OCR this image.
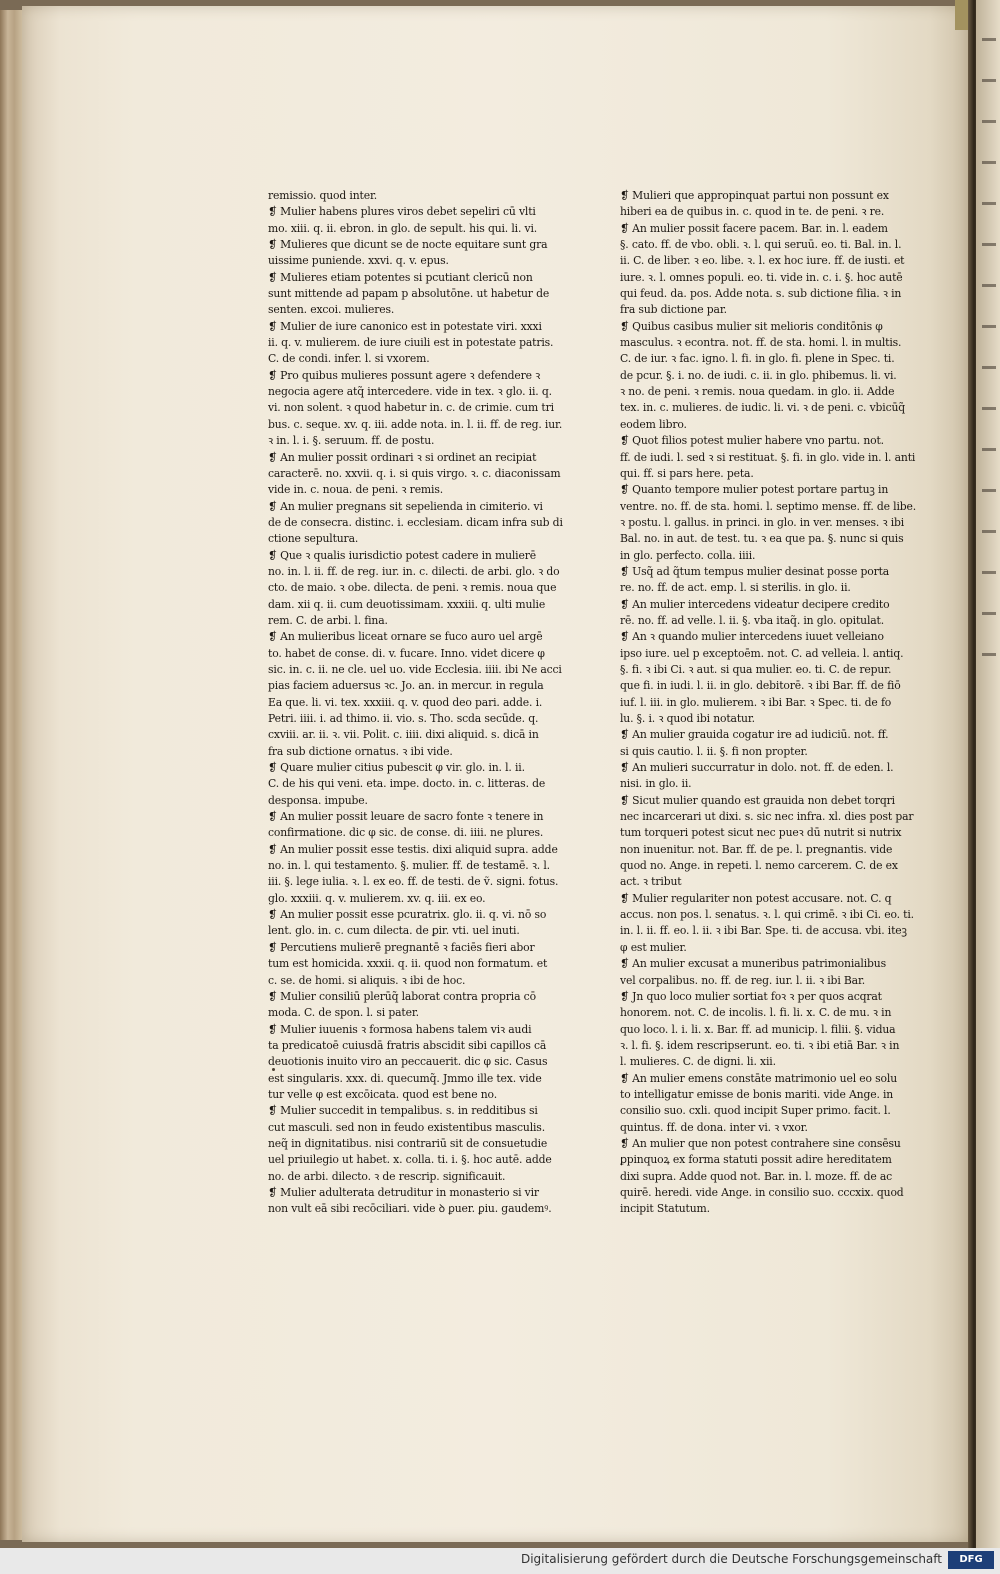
remissio. quod inter.
❡ Mulier habens plures viros debet sepeliri cū vlti
mo. xiii. q. ii. ebron. in glo. de sepult. his qui. li. vi.
❡ Mulieres que dicunt se de nocte equitare sunt gra
uissime puniende. xxvi. q. v. epus.
❡ Mulieres etiam potentes si pcutiant clericū non
sunt mittende ad papam p absolutōne. ut habetur de
senten. excoi. mulieres.
❡ Mulier de iure canonico est in potestate viri. xxxi
ii. q. v. mulierem. de iure ciuili est in potestate patris.
C. de condi. infer. l. si vxorem.
❡ Pro quibus mulieres possunt agere ꝛ defendere ꝛ
negocia agere atq̃ intercedere. vide in tex. ꝛ glo. ii. q.
vi. non solent. ꝛ quod habetur in. c. de crimie. cum tri
bus. c. seque. xv. q. iii. adde nota. in. l. ii. ff. de reg. iur.
ꝛ in. l. i. §. seruum. ff. de postu.
❡ An mulier possit ordinari ꝛ si ordinet an recipiat
caracterē. no. xxvii. q. i. si quis virgo. ꝛ. c. diaconissam
vide in. c. noua. de peni. ꝛ remis.
❡ An mulier pregnans sit sepelienda in cimiterio. vi
de de consecra. distinc. i. ecclesiam. dicam infra sub di
ctione sepultura.
❡ Que ꝛ qualis iurisdictio potest cadere in mulierē
no. in. l. ii. ff. de reg. iur. in. c. dilecti. de arbi. glo. ꝛ do
cto. de maio. ꝛ obe. dilecta. de peni. ꝛ remis. noua que
dam. xii q. ii. cum deuotissimam. xxxiii. q. ulti mulie
rem. C. de arbi. l. fina.
❡ An mulieribus liceat ornare se fuco auro uel argē
to. habet de conse. di. v. fucare. Inno. videt dicere φ
sic. in. c. ii. ne cle. uel uo. vide Ecclesia. iiii. ibi Ne acci
pias faciem aduersus ꝛc. Jo. an. in mercur. in regula
Ea que. li. vi. tex. xxxiii. q. v. quod deo pari. adde. i.
Petri. iiii. i. ad thimo. ii. vio. s. Tho. scda secūde. q.
cxviii. ar. ii. ꝛ. vii. Polit. c. iiii. dixi aliquid. s. dicā in
fra sub dictione ornatus. ꝛ ibi vide.
❡ Quare mulier citius pubescit φ vir. glo. in. l. ii.
C. de his qui veni. eta. impe. docto. in. c. litteras. de
desponsa. impube.
❡ An mulier possit leuare de sacro fonte ꝛ tenere in
confirmatione. dic φ sic. de conse. di. iiii. ne plures.
❡ An mulier possit esse testis. dixi aliquid supra. adde
no. in. l. qui testamento. §. mulier. ff. de testamē. ꝛ. l.
iii. §. lege iulia. ꝛ. l. ex eo. ff. de testi. de ṽ. signi. fotus.
glo. xxxiii. q. v. mulierem. xv. q. iii. ex eo.
❡ An mulier possit esse pcuratrix. glo. ii. q. vi. nō so
lent. glo. in. c. cum dilecta. de ꝑir. vti. uel inuti.
❡ Percutiens mulierē pregnantē ꝛ faciēs fieri abor
tum est homicida. xxxii. q. ii. quod non formatum. et
c. se. de homi. si aliquis. ꝛ ibi de hoc.
❡ Mulier consiliū plerūq̃ laborat contra propria cō
moda. C. de spon. l. si pater.
❡ Mulier iuuenis ꝛ formosa habens talem viꝛ audi
ta predicatoē cuiusdā fratris abscidit sibi capillos cā
deuotionis inuito viro an peccauerit. dic φ sic. Casus
est singularis. xxx. di. quecumq̃. Jmmo ille tex. vide
tur velle φ est excōicata. quod est bene no.
❡ Mulier succedit in tempalibus. s. in redditibus si
cut masculi. sed non in feudo existentibus masculis.
neq̃ in dignitatibus. nisi contrariū sit de consuetudie
uel priuilegio ut habet. x. colla. ti. i. §. hoc autē. adde
no. de arbi. dilecto. ꝛ de rescrip. significauit.
❡ Mulier adulterata detruditur in monasterio si vir
non vult eā sibi recōciliari. vide ꝺ ꝑuer. ꝑiu. gaudemꝰ.
❡ Mulieri que appropinquat partui non possunt ex
hiberi ea de quibus in. c. quod in te. de peni. ꝛ re.
❡ An mulier possit facere pacem. Bar. in. l. eadem
§. cato. ff. de vbo. obli. ꝛ. l. qui seruū. eo. ti. Bal. in. l.
ii. C. de liber. ꝛ eo. libe. ꝛ. l. ex hoc iure. ff. de iusti. et
iure. ꝛ. l. omnes populi. eo. ti. vide in. c. i. §. hoc autē
qui feud. da. pos. Adde nota. s. sub dictione filia. ꝛ in
fra sub dictione par.
❡ Quibus casibus mulier sit melioris conditōnis φ
masculus. ꝛ econtra. not. ff. de sta. homi. l. in multis.
C. de iur. ꝛ fac. igno. l. fi. in glo. fi. plene in Spec. ti.
de pcur. §. i. no. de iudi. c. ii. in glo. phibemus. li. vi.
ꝛ no. de peni. ꝛ remis. noua quedam. in glo. ii. Adde
tex. in. c. mulieres. de iudic. li. vi. ꝛ de peni. c. vbicūq̃
eodem libro.
❡ Quot filios potest mulier habere vno partu. not.
ff. de iudi. l. sed ꝛ si restituat. §. fi. in glo. vide in. l. anti
qui. ff. si pars here. peta.
❡ Quanto tempore mulier potest portare partuꝫ in
ventre. no. ff. de sta. homi. l. septimo mense. ff. de libe.
ꝛ postu. l. gallus. in princi. in glo. in ver. menses. ꝛ ibi
Bal. no. in aut. de test. tu. ꝛ ea que pa. §. nunc si quis
in glo. perfecto. colla. iiii.
❡ Usq̃ ad q̃tum tempus mulier desinat posse porta
re. no. ff. de act. emp. l. si sterilis. in glo. ii.
❡ An mulier intercedens videatur decipere credito
rē. no. ff. ad velle. l. ii. §. vba itaq̃. in glo. opitulat.
❡ An ꝛ quando mulier intercedens iuuet velleiano
ipso iure. uel p exceptoēm. not. C. ad velleia. l. antiq.
§. fi. ꝛ ibi Ci. ꝛ aut. si qua mulier. eo. ti. C. de repur.
que fi. in iudi. l. ii. in glo. debitorē. ꝛ ibi Bar. ff. de fiō
iuf. l. iii. in glo. mulierem. ꝛ ibi Bar. ꝛ Spec. ti. de fo
lu. §. i. ꝛ quod ibi notatur.
❡ An mulier grauida cogatur ire ad iudiciū. not. ff.
si quis cautio. l. ii. §. fi non propter.
❡ An mulieri succurratur in dolo. not. ff. de eden. l.
nisi. in glo. ii.
❡ Sicut mulier quando est grauida non debet torqri
nec incarcerari ut dixi. s. sic nec infra. xl. dies post par
tum torqueri potest sicut nec pueꝛ dū nutrit si nutrix
non inuenitur. not. Bar. ff. de pe. l. pregnantis. vide
quod no. Ange. in repeti. l. nemo carcerem. C. de ex
act. ꝛ tribut
❡ Mulier regulariter non potest accusare. not. C. q
accus. non pos. l. senatus. ꝛ. l. qui crimē. ꝛ ibi Ci. eo. ti.
in. l. ii. ff. eo. l. ii. ꝛ ibi Bar. Spe. ti. de accusa. vbi. iteꝫ
φ est mulier.
❡ An mulier excusat a muneribus patrimonialibus
vel corpalibus. no. ff. de reg. iur. l. ii. ꝛ ibi Bar.
❡ Jn quo loco mulier sortiat foꝛ ꝛ per quos acqrat
honorem. not. C. de incolis. l. fi. li. x. C. de mu. ꝛ in
quo loco. l. i. li. x. Bar. ff. ad municip. l. filii. §. vidua
ꝛ. l. fi. §. idem rescripserunt. eo. ti. ꝛ ibi etiā Bar. ꝛ in
l. mulieres. C. de digni. li. xii.
❡ An mulier emens constāte matrimonio uel eo solu
to intelligatur emisse de bonis mariti. vide Ange. in
consilio suo. cxli. quod incipit Super primo. facit. l.
quintus. ff. de dona. inter vi. ꝛ vxor.
❡ An mulier que non potest contrahere sine consēsu
ꝑpinquoꝝ ex forma statuti possit adire hereditatem
dixi supra. Adde quod not. Bar. in. l. moze. ff. de ac
quirē. heredi. vide Ange. in consilio suo. cccxix. quod
incipit Statutum.
Digitalisierung gefördert durch die Deutsche Forschungsgemeinschaft	DFG
